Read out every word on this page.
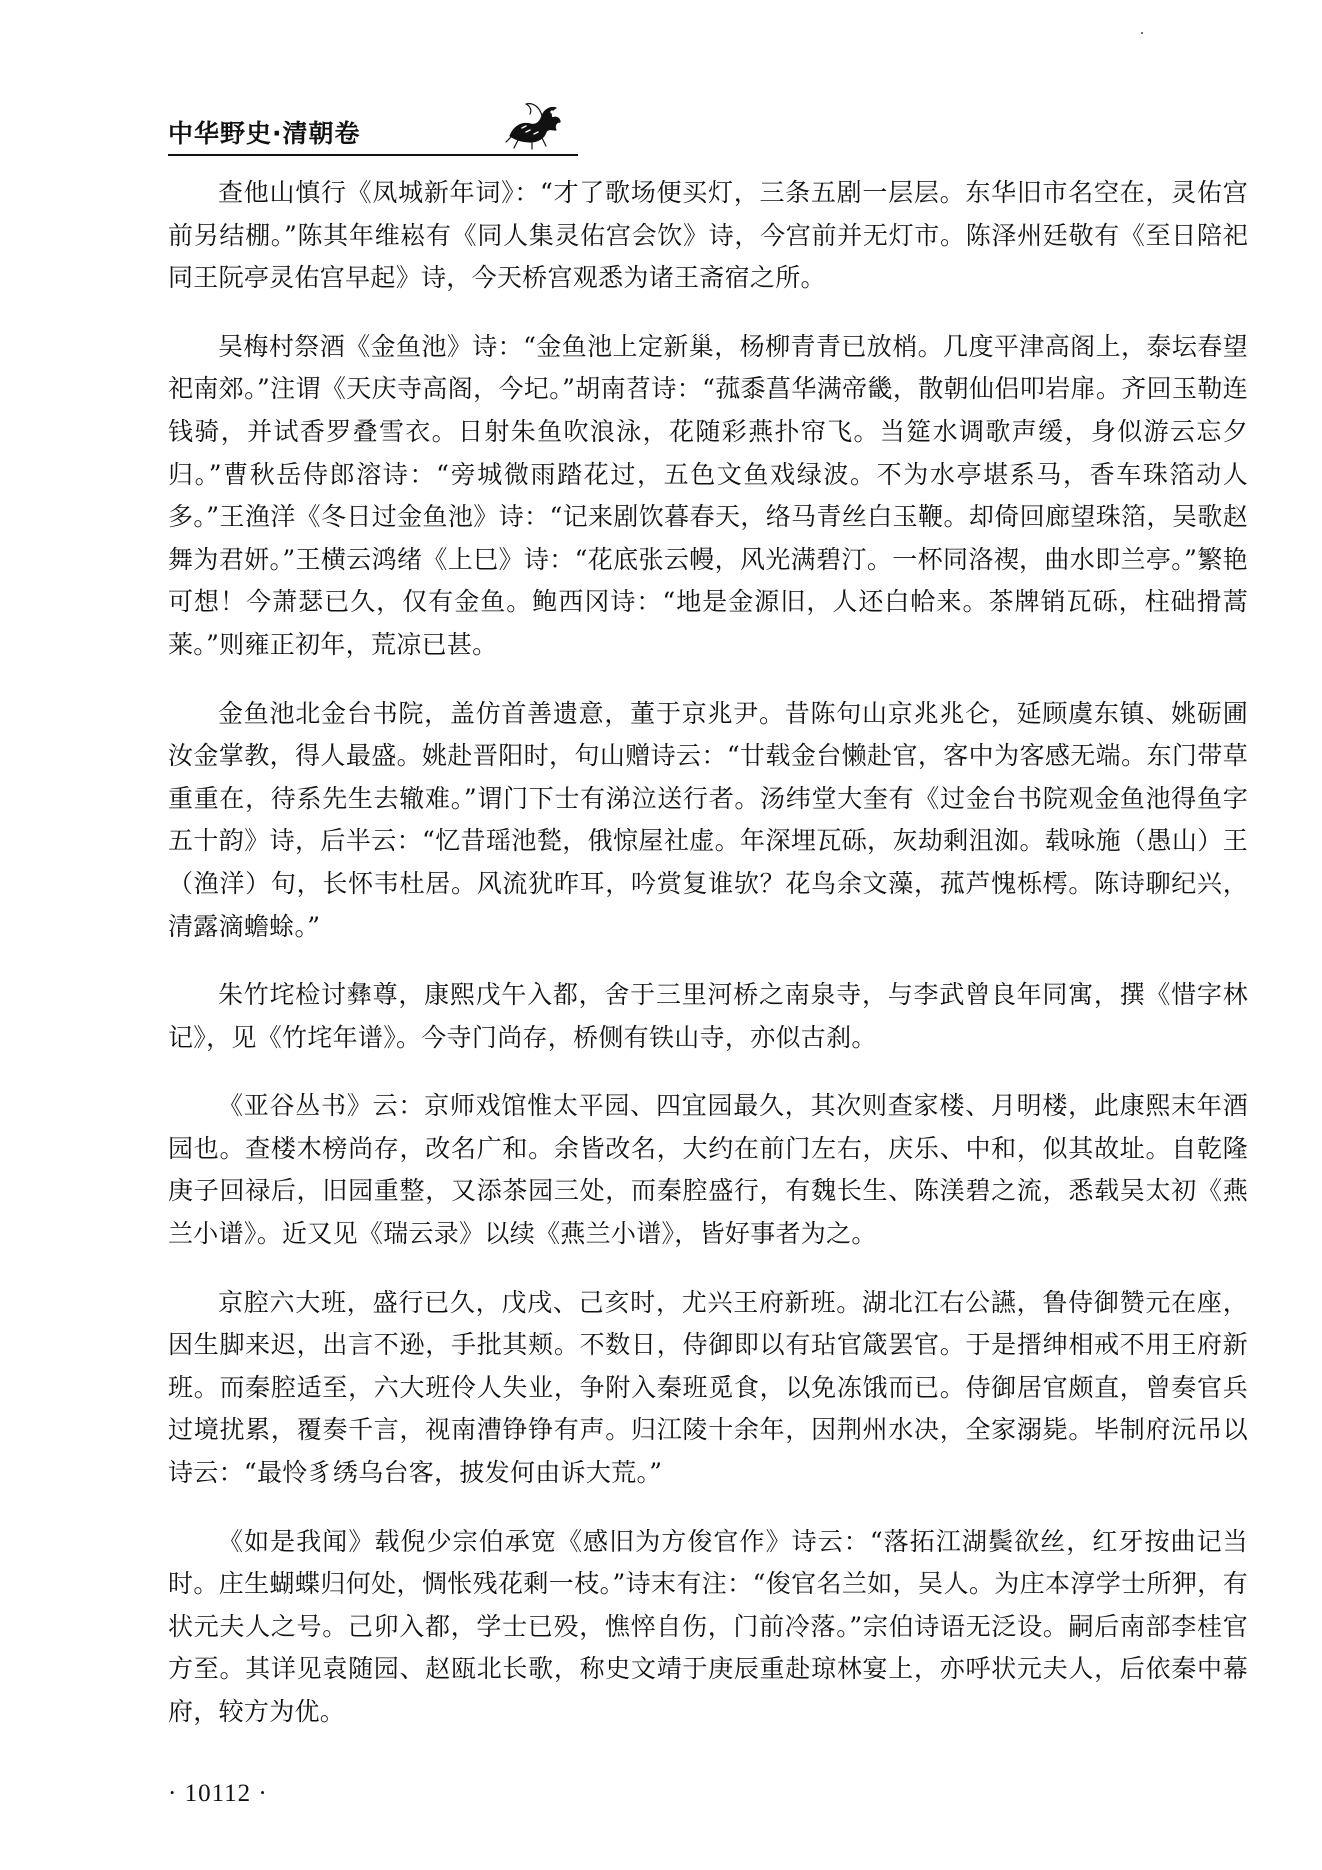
中华野史·清朝卷

查他山慎行《凤城新年词》：“才了歌场便买灯，三条五剧一层层。东华旧市名空在，灵佑宫前另结棚。”陈其年维崧有《同人集灵佑宫会饮》诗，今宫前并无灯市。陈泽州廷敬有《至日陪祀同王阮亭灵佑宫早起》诗，今天桥宫观悉为诸王斋宿之所。

吴梅村祭酒《金鱼池》诗：“金鱼池上定新巢，杨柳青青已放梢。几度平津高阁上，泰坛春望祀南郊。”注谓《天庆寺高阁，今圮。”胡南苕诗：“菰黍菖华满帝畿，散朝仙侣叩岩扉。齐回玉勒连钱骑，并试香罗叠雪衣。日射朱鱼吹浪泳，花随彩燕扑帘飞。当筵水调歌声缓，身似游云忘夕归。”曹秋岳侍郎溶诗：“旁城微雨踏花过，五色文鱼戏绿波。不为水亭堪系马，香车珠箔动人多。”王渔洋《冬日过金鱼池》诗：“记来剧饮暮春天，络马青丝白玉鞭。却倚回廊望珠箔，吴歌赵舞为君妍。”王横云鸿绪《上巳》诗：“花底张云幔，风光满碧汀。一杯同洛禊，曲水即兰亭。”繁艳可想！今萧瑟已久，仅有金鱼。鲍西冈诗：“地是金源旧，人还白帢来。茶牌销瓦砾，柱础搰蒿莱。”则雍正初年，荒凉已甚。

金鱼池北金台书院，盖仿首善遗意，董于京兆尹。昔陈句山京兆兆仑，延顾虞东镇、姚砺圃汝金掌教，得人最盛。姚赴晋阳时，句山赠诗云：“廿载金台懒赴官，客中为客感无端。东门带草重重在，待系先生去辙难。”谓门下士有涕泣送行者。汤纬堂大奎有《过金台书院观金鱼池得鱼字五十韵》诗，后半云：“忆昔瑶池甃，俄惊屋社虚。年深埋瓦砾，灰劫剩沮洳。载咏施（愚山）王（渔洋）句，长怀韦杜居。风流犹昨耳，吟赏复谁欤？花鸟余文藻，菰芦愧栎樗。陈诗聊纪兴，清露滴蟾蜍。”

朱竹垞检讨彝尊，康熙戊午入都，舍于三里河桥之南泉寺，与李武曾良年同寓，撰《惜字林记》，见《竹垞年谱》。今寺门尚存，桥侧有铁山寺，亦似古刹。

《亚谷丛书》云：京师戏馆惟太平园、四宜园最久，其次则查家楼、月明楼，此康熙末年酒园也。查楼木榜尚存，改名广和。余皆改名，大约在前门左右，庆乐、中和，似其故址。自乾隆庚子回禄后，旧园重整，又添茶园三处，而秦腔盛行，有魏长生、陈渼碧之流，悉载吴太初《燕兰小谱》。近又见《瑞云录》以续《燕兰小谱》，皆好事者为之。

京腔六大班，盛行已久，戊戌、己亥时，尤兴王府新班。湖北江右公讌，鲁侍御赞元在座，因生脚来迟，出言不逊，手批其颊。不数日，侍御即以有玷官箴罢官。于是搢绅相戒不用王府新班。而秦腔适至，六大班伶人失业，争附入秦班觅食，以免冻饿而已。侍御居官颇直，曾奏官兵过境扰累，覆奏千言，视南漕铮铮有声。归江陵十余年，因荆州水决，全家溺毙。毕制府沅吊以诗云：“最怜豸绣乌台客，披发何由诉大荒。”

《如是我闻》载倪少宗伯承宽《感旧为方俊官作》诗云：“落拓江湖鬓欲丝，红牙按曲记当时。庄生蝴蝶归何处，惆怅残花剩一枝。”诗末有注：“俊官名兰如，吴人。为庄本淳学士所狎，有状元夫人之号。己卯入都，学士已殁，憔悴自伤，门前冷落。”宗伯诗语无泛设。嗣后南部李桂官方至。其详见袁随园、赵瓯北长歌，称史文靖于庚辰重赴琼林宴上，亦呼状元夫人，后依秦中幕府，较方为优。

· 10112 ·
